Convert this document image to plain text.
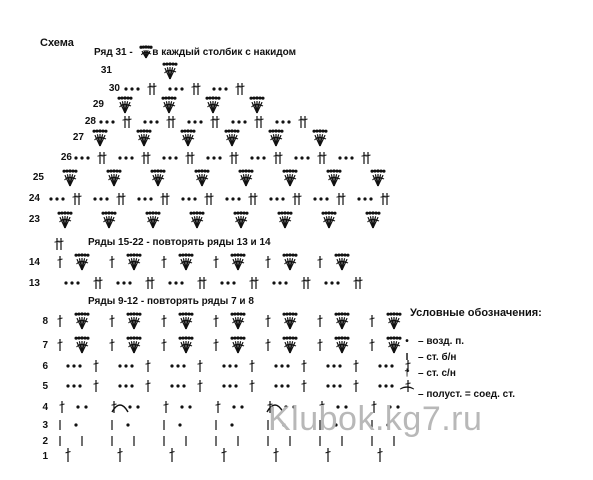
Схема
Ряд 31 - в каждый столбик с накидом
Ряды 15-22 - повторять ряды 13 и 14
Ряды 9-12 - повторять ряды 7 и 8
31
30
29
28
27
26
25
24
23
14
13
8
7
6
5
4
3
2
1
Условные обозначения:
• – возд. п.
I – ст. б/н
† – ст. с/н
⌒ – полуст. = соед. ст.
Klubok.kg7.ru
